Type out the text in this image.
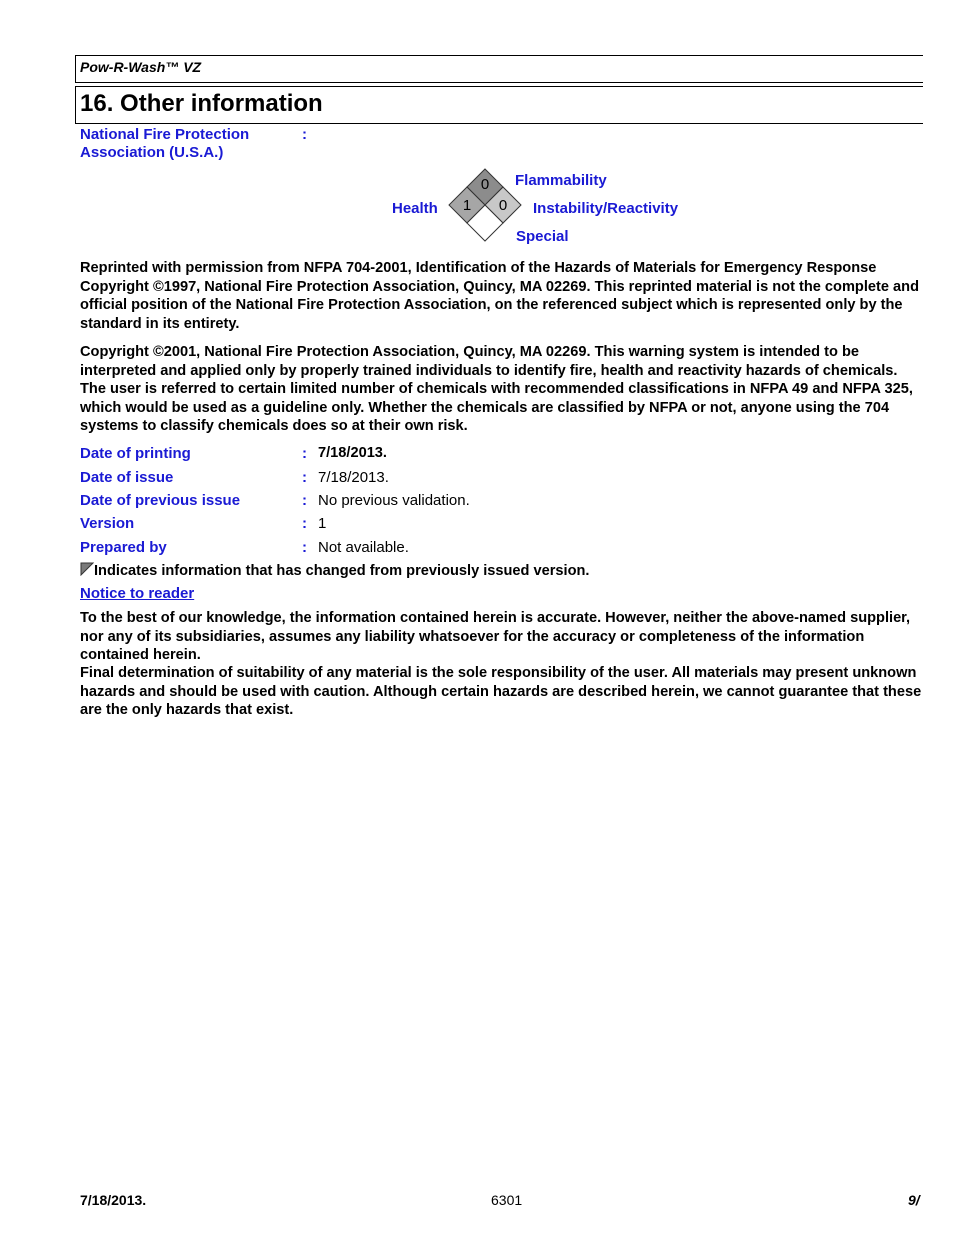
Pow-R-Wash™ VZ
16. Other information
National Fire Protection
Association (U.S.A.)
:
0
1 0
Flammability
Health	Instability/Reactivity
Special
Reprinted with permission from NFPA 704-2001, Identification of the Hazards of Materials for Emergency Response Copyright ©1997, National Fire Protection Association, Quincy, MA 02269. This reprinted material is not the complete and official position of the National Fire Protection Association, on the referenced subject which is represented only by the standard in its entirety.
Copyright ©2001, National Fire Protection Association, Quincy, MA 02269. This warning system is intended to be interpreted and applied only by properly trained individuals to identify fire, health and reactivity hazards of chemicals. The user is referred to certain limited number of chemicals with recommended classifications in NFPA 49 and NFPA 325, which would be used as a guideline only. Whether the chemicals are classified by NFPA or not, anyone using the 704 systems to classify chemicals does so at their own risk.
Date of printing	: 7/18/2013.
Date of issue	: 7/18/2013.
Date of previous issue	: No previous validation.
Version	: 1
Prepared by	: Not available.
Indicates information that has changed from previously issued version.
Notice to reader
To the best of our knowledge, the information contained herein is accurate. However, neither the above-named supplier, nor any of its subsidiaries, assumes any liability whatsoever for the accuracy or completeness of the information contained herein.
Final determination of suitability of any material is the sole responsibility of the user. All materials may present unknown hazards and should be used with caution. Although certain hazards are described herein, we cannot guarantee that these are the only hazards that exist.
7/18/2013.	6301	9/
